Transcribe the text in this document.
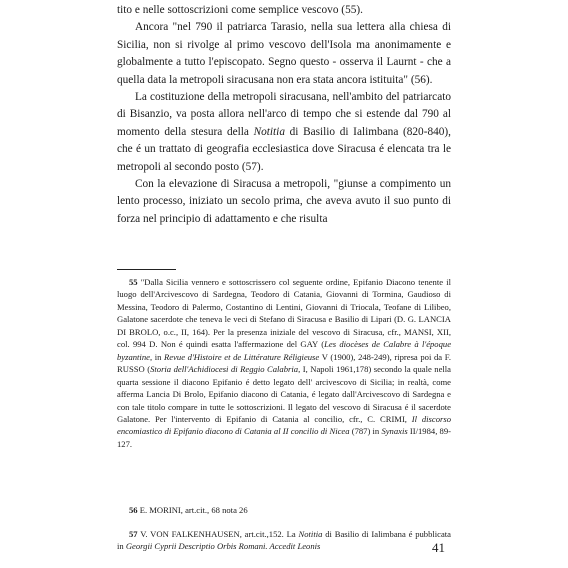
tito e nelle sottoscrizioni come semplice vescovo (55).

Ancora "nel 790 il patriarca Tarasio, nella sua lettera alla chiesa di Sicilia, non si rivolge al primo vescovo dell'Isola ma anonimamente e globalmente a tutto l'episcopato. Segno questo - osserva il Laurnt - che a quella data la metropoli siracusana non era stata ancora istituita" (56).

La costituzione della metropoli siracusana, nell'ambito del patriarcato di Bisanzio, va posta allora nell'arco di tempo che si estende dal 790 al momento della stesura della Notitia di Basilio di Ialimbana (820-840), che é un trattato di geografia ecclesiastica dove Siracusa é elencata tra le metropoli al secondo posto (57).

Con la elevazione di Siracusa a metropoli, "giunse a compimento un lento processo, iniziato un secolo prima, che aveva avuto il suo punto di forza nel principio di adattamento e che risulta

55 "Dalla Sicilia vennero e sottoscrissero col seguente ordine, Epifanio Diacono tenente il luogo dell'Arcivescovo di Sardegna, Teodoro di Catania, Giovanni di Tormina, Gaudioso di Messina, Teodoro di Palermo, Costantino di Lentini, Giovanni di Triocala, Teofane di Lilibeo, Galatone sacerdote che teneva le veci di Stefano di Siracusa e Basilio di Lipari (D. G. LANCIA DI BROLO, o.c., II, 164). Per la presenza iniziale del vescovo di Siracusa, cfr., MANSI, XII, col. 994 D. Non é quindi esatta l'affermazione del GAY (Les diocèses de Calabre à l'époque byzantine, in Revue d'Histoire et de Littérature Réligieuse V (1900), 248-249), ripresa poi da F. RUSSO (Storia dell'Achidiocesi di Reggio Calabria, I, Napoli 1961,178) secondo la quale nella quarta sessione il diacono Epifanio é detto legato dell' arcivescovo di Sicilia; in realtà, come afferma Lancia Di Brolo, Epifanio diacono di Catania, é legato dall'Arcivescovo di Sardegna e con tale titolo compare in tutte le sottoscrizioni. Il legato del vescovo di Siracusa é il sacerdote Galatone. Per l'intervento di Epifanio di Catania al concilio, cfr., C. CRIMI, Il discorso encomiastico di Epifanio diacono di Catania al II concilio di Nicea (787) in Synaxis II/1984, 89-127.

56 E. MORINI, art.cit., 68 nota 26

57 V. VON FALKENHAUSEN, art.cit.,152. La Notitia di Basilio di Ialimbana é pubblicata in Georgii Cyprii Descriptio Orbis Romani. Accedit Leonis	41
